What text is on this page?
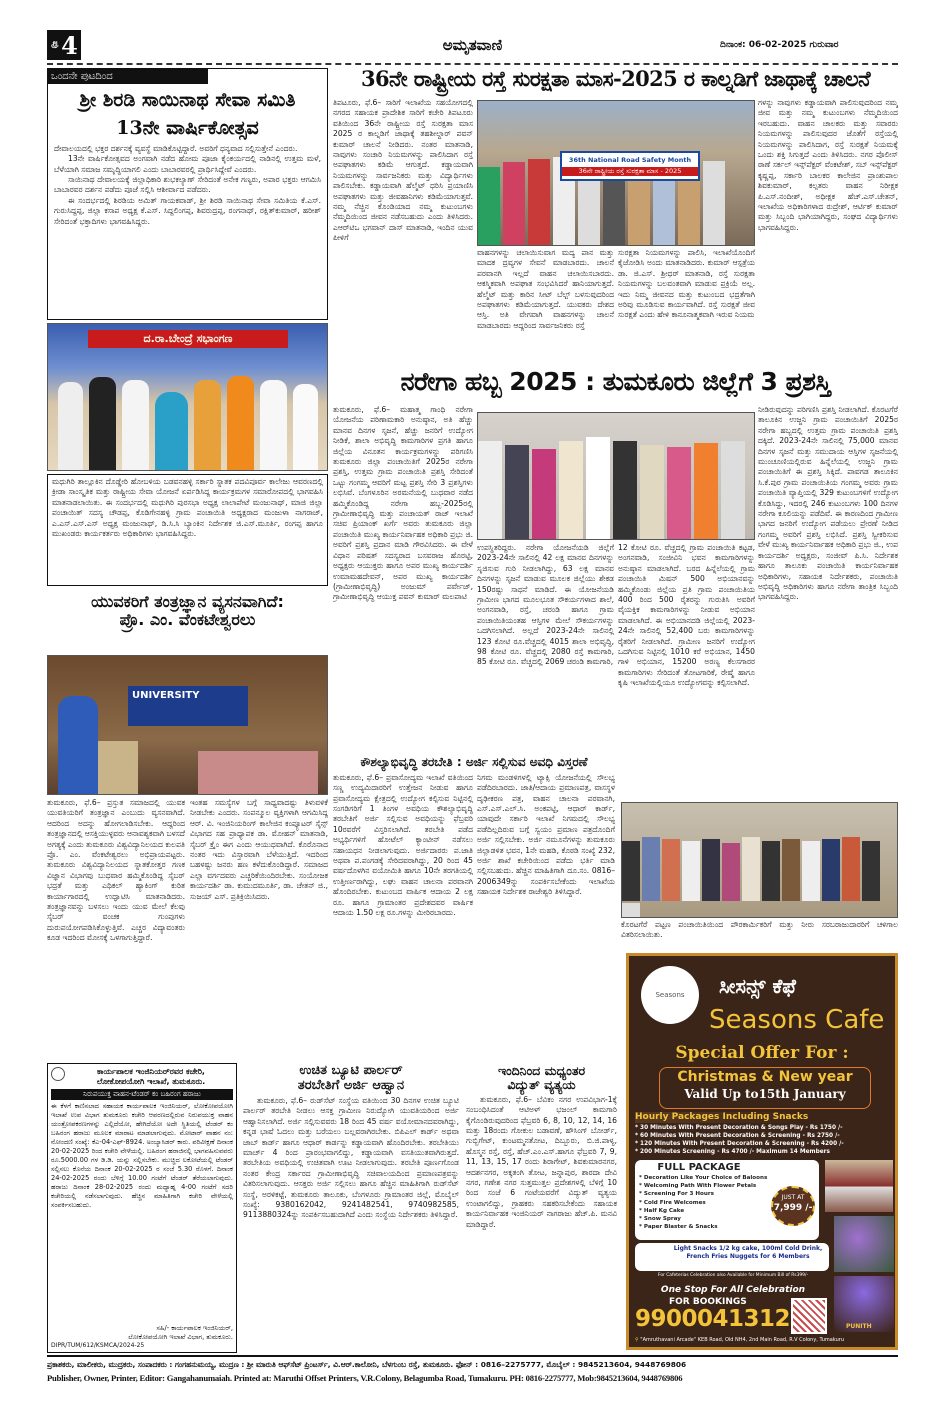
ಪು 4	ಅಮೃತವಾಣಿ	ದಿನಾಂಕ: 06-02-2025 ಗುರುವಾರ
ಒಂದನೇ ಪುಟದಿಂದ
ಶ್ರೀ ಶಿರಡಿ ಸಾಯಿನಾಥ ಸೇವಾ ಸಮಿತಿ
13ನೇ ವಾರ್ಷಿಕೋತ್ಸವ

ದೇವಾಲಯದಲ್ಲಿ ಭಕ್ತರ ದರ್ಶನಕ್ಕೆ ವ್ಯವಸ್ಥೆ ಮಾಡಿಕೊಟ್ಟಿದ್ದಾರೆ. ಅವರಿಗೆ ಧನ್ಯವಾದ ಸಲ್ಲಿಸುತ್ತೇನೆ ಎಂದರು.

13ನೇ ವಾರ್ಷಿಕೋತ್ಸವದ ಅಂಗವಾಗಿ ನಡೆದ ಹೋಮ ಪೂಜಾ ಕೈಂಕರ್ಯದಲ್ಲಿ ನಾಡಿನಲ್ಲಿ ಉತ್ತಮ ಮಳೆ, ಬೆಳೆಯಾಗಿ ಸಮಾಜ ಸಮೃದ್ಧಿಯಾಗಲಿ ಎಂದು ಬಾಬಾರವರಲ್ಲಿ ಪ್ರಾರ್ಥಿಸಿದ್ದೇವೆ ಎಂದರು.

ಸಾಯಿನಾಥ ದೇವಾಲಯಕ್ಕೆ ಜಿಲ್ಲಾಧಿಕಾರಿ ಶುಭಕಲ್ಯಾಣ್ ಸೇರಿದಂತೆ ಅನೇಕ ಗಣ್ಯರು, ಅಪಾರ ಭಕ್ತರು ಆಗಮಿಸಿ ಬಾಬಾರವರ ದರ್ಶನ ಪಡೆದು ಪೂಜೆ ಸಲ್ಲಿಸಿ ಆಶೀರ್ವಾದ ಪಡೆದರು.

ಈ ಸಂದರ್ಭದಲ್ಲಿ ಶಿರಡಿಯ ಅಮಿತ್ ಗಾಯಕವಾಡ್, ಶ್ರೀ ಶಿರಡಿ ಸಾಯಿನಾಥ ಸೇವಾ ಸಮಿತಿಯ ಕೆ.ಎಸ್. ಗುರುಸಿದ್ದಪ್ಪ, ಜಿಲ್ಲಾ ಕಸಾಪ ಅಧ್ಯಕ್ಷ ಕೆ.ಎಸ್. ಸಿದ್ದಲಿಂಗಪ್ಪ, ಶಿವರುದ್ರಪ್ಪ, ರಂಗನಾಥ್, ರಕ್ಷಿತ್‌ಕುಮಾರ್, ಹರೀಶ್ ಸೇರಿದಂತೆ ಭಕ್ತಾದಿಗಳು ಭಾಗವಹಿಸಿದ್ದರು.

ದ.ರಾ.ಬೇಂದ್ರೆ ಸಭಾಂಗಣ
ಮಧುಗಿರಿ ತಾಲ್ಲೂಕಿನ ದೊಡ್ಡೇರಿ ಹೋಬಳಿಯ ಬಡವನಹಳ್ಳಿ ಸರ್ಕಾರಿ ಸ್ನಾತಕ ಪದವಿಪೂರ್ವ ಕಾಲೇಜು ಆವರಣದಲ್ಲಿ ಕ್ರೀಡಾ ಸಾಂಸ್ಕೃತಿಕ ಮತ್ತು ರಾಷ್ಟ್ರೀಯ ಸೇವಾ ಯೋಜನೆ ಏರ್ಪಡಿಸಿದ್ದ ಕಾರ್ಯಕ್ರಮಗಳ ಸಮಾರೋಪದಲ್ಲಿ ಭಾಗವಹಿಸಿ ಮಾತನಾಡಲಾಯಿತು. ಈ ಸಂದರ್ಭದಲ್ಲಿ ಮಧುಗಿರಿ ಪುರಸಭಾ ಅಧ್ಯಕ್ಷ ಲಾಲಾಪೇಟೆ ಮಂಜುನಾಥ್, ಮಾಜಿ ಜಿಲ್ಲಾ ಪಂಚಾಯಿತ್ ಸದಸ್ಯ ಚೌಡಪ್ಪ, ಕೊಡಿಗೇನಹಳ್ಳಿ ಗ್ರಾಮ ಪಂಚಾಯಿತಿ ಅಧ್ಯಕ್ಷರಾದ ಮಂಜುಳಾ ನಾಗರಾಜ್, ಎ.ಎಸ್.ಎಸ್.ಎಸ್ ಅಧ್ಯಕ್ಷ ಮಂಜುನಾಥ್, ಡಿ.ಸಿ.ಸಿ ಬ್ಯಾಂಕಿನ ನಿರ್ದೇಶಕ ಜಿ.ಎಸ್.ಮೂರ್ತಿ, ರಂಗಪ್ಪ ಹಾಗೂ ಮುಖಂಡರು ಕಾರ್ಯಕರ್ತರು ಅಧಿಕಾರಿಗಳು ಭಾಗವಹಿಸಿದ್ದರು.
ಯುವಕರಿಗೆ ತಂತ್ರಜ್ಞಾನ ವ್ಯಸನವಾಗಿದೆ:
ಪ್ರೊ. ಎಂ. ವೆಂಕಟೇಶ್ವರಲು
UNIVERSITY
ತುಮಕೂರು, ಫೆ.6– ಪ್ರಸ್ತುತ ಸಮಾಜದಲ್ಲಿ ಯುವಕ ಯುವತಿಯರಿಗೆ ತಂತ್ರಜ್ಞಾನ ಎಂಬುದು ವ್ಯಸನವಾಗಿದೆ. ಆದರಿಂದ ಅದನ್ನು ಹೋಗಲಾಡಿಸಬೇಕು. ಆದ್ದರಿಂದ ತಂತ್ರಜ್ಞಾನದಲ್ಲಿ ಆಸಕ್ತಿಯುಳ್ಳವರು ಆನಾವಶ್ಯಕವಾಗಿ ಬಳಸದೆ ಅಗತ್ಯಕ್ಕೆ ಎಂದು ತುಮಕೂರು ವಿಶ್ವವಿದ್ಯಾನಿಲಯದ ಕುಲಪತಿ ಪ್ರೊ. ಎಂ. ವೆಂಕಟೇಶ್ವರಲು ಅಭಿಪ್ರಾಯಪಟ್ಟರು. ತುಮಕೂರು ವಿಶ್ವವಿದ್ಯಾನಿಲಯದ ಸ್ನಾತಕೋತ್ತರ ಗಣಕ ವಿಜ್ಞಾನ ವಿಭಾಗವು ಬುಧವಾರ ಹಮ್ಮಿಕೊಂಡಿದ್ದ ಸೈಬರ್ ಭದ್ರತೆ ಮತ್ತು ಎಥಿಕಲ್ ಹ್ಯಾಕಿಂಗ್ ಕುರಿತ ಕಾರ್ಯಾಗಾರದಲ್ಲಿ ಉದ್ಘಾಟಿಸಿ ಮಾತನಾಡಿದರು. ತಂತ್ರಜ್ಞಾನವನ್ನು ಬಳಸಲು ಇಂದು ಯುವ ಮೇಲೆ ಕೆಲವು ಸೈಬರ್ ವಂಚಕ ಗುಂಪುಗಳು ದುರುಪಯೋಗಪಡಿಸಿಕೊಳ್ಳುತ್ತಿವೆ. ಎಚ್ಚರ ವಿದ್ಯಾವಂತರು ಕೂಡ ಇದರಿಂದ ಮೋಸಕ್ಕೆ ಒಳಗಾಗುತ್ತಿದ್ದಾರೆ.
ಇಂತಹ ಸಮಸ್ಯೆಗಳ ಬಗ್ಗೆ ಸಾಧ್ಯವಾದಷ್ಟು ತಿಳುವಳಿಕೆ ನೀಡಬೇಕು ಎಂದರು. ಸಂಪನ್ಮೂಲ ವ್ಯಕ್ತಿಗಳಾಗಿ ಆಗಮಿಸಿದ್ದ ಆರ್. ವಿ. ಇಂಜಿನಿಯರಿಂಗ್ ಕಾಲೇಜಿನ ಕಂಪ್ಯೂಟರ್ ಸೈನ್ಸ್ ವಿಭಾಗದ ಸಹ ಪ್ರಾಧ್ಯಾಪಕ ಡಾ. ಮೋಹನ್ ಮಾತನಾಡಿ, ಸೈಬರ್ ಕ್ರೈಂ ಈಗ ಎಂದು ಆಯುಧವಾಗಿದೆ. ಕೊರೊನಾದ ನಂತರ ಇದು ವಿಸ್ತಾರವಾಗಿ ಬೆಳೆಯುತ್ತಿದೆ. ಇದರಿಂದ ಬಹಳಷ್ಟು ಜನರು ಹಣ ಕಳೆದುಕೊಂಡಿದ್ದಾರೆ. ಸಮಾಜದ ಎಲ್ಲಾ ವರ್ಗದವರು ಎಚ್ಚರಿಕೆಯಿಂದಿರಬೇಕು. ಸಂಯೋಜಕ ಕಾರ್ಯದರ್ಶಿ ಡಾ. ಕುಮುದಮೂರ್ತಿ, ಡಾ. ಚೇತನ್ ಜಿ., ಸುಜಯ್ ಎಸ್. ಪ್ರತಿಕ್ರಿಯಿಸಿದರು.
ಕಾರ್ಯಪಾಲಕ ಇಂಜಿನಿಯರ್‌ರವರ ಕಚೇರಿ,
ಲೋಕೋಪಯೋಗಿ ಇಲಾಖೆ, ತುಮಕೂರು.
ನಿರುಪಯುಕ್ತ ವಾಹನ-ಟೆಂಡರ್ ಕಂ ಬಹಿರಂಗ ಹರಾಜು
ಈ ಕೆಳಗೆ ಕಾಣಿಸಲಾದ ಸಹಾಯಕ ಕಾರ್ಯಪಾಲಕ ಇಂಜಿನಿಯರ್, ಲೋಕೋಪಯೋಗಿ ಇಲಾಖೆ ಉಪ ವಿಭಾಗ ತುಮಕೂರು ಕಚೇರಿ ಆವರಣದಲ್ಲಿರುವ ನಿರುಪಯುಕ್ತ ವಾಹನ ಯಂತ್ರೋಪಕರಣಗಳನ್ನು ಎಲ್ಲಿದೆಯೋ, ಹೇಗಿದೆಯೋ ಅದೇ ಸ್ಥಿತಿಯಲ್ಲಿ ಟೆಂಡರ್ ಕಂ ಬಹಿರಂಗ ಹರಾಜು ಮೂಲಕ ಮಾರಾಟ ಮಾಡಲಾಗುವುದು. ಮೋಟಾರ್ ವಾಹನ ನಂ: ನೋಂದಣಿ ಸಂಖ್ಯೆ: ಕೆಎ-04-ಎಫ್-8924. ಅಂಬ್ಯಾಸಿಡರ್ ಕಾರು. ಪರಿವೀಕ್ಷಣೆ ದಿನಾಂಕ 20-02-2025 ರಿಂದ ಕಚೇರಿ ವೇಳೆಯಲ್ಲಿ. ಬಹಿರಂಗ ಹರಾಜಿನಲ್ಲಿ ಭಾಗವಹಿಸುವವರು ರೂ.5000.00 ಗಳ ಡಿ.ಡಿ. ಯನ್ನು ಸಲ್ಲಿಸಬೇಕು. ಮುಚ್ಚಿದ ಲಕೋಟೆಯಲ್ಲಿ ಟೆಂಡರ್ ಸಲ್ಲಿಸಲು ಕೊನೆಯ ದಿನಾಂಕ 20-02-2025 ರ ಸಂಜೆ 5.30 ರೊಳಗೆ. ದಿನಾಂಕ 24-02-2025 ರಂದು ಬೆಳಿಗ್ಗೆ 10.00 ಗಂಟೆಗೆ ಟೆಂಡರ್ ತೆರೆಯಲಾಗುವುದು. ಹರಾಜು ದಿನಾಂಕ 28-02-2025 ರಂದು ಮಧ್ಯಾಹ್ನ 4-00 ಗಂಟೆಗೆ ಸದರಿ ಕಚೇರಿಯಲ್ಲಿ ನಡೆಸಲಾಗುವುದು. ಹೆಚ್ಚಿನ ಮಾಹಿತಿಗಾಗಿ ಕಚೇರಿ ವೇಳೆಯಲ್ಲಿ ಸಂಪರ್ಕಿಸಬಹುದು.
ಸಹಿ/- ಕಾರ್ಯಪಾಲಕ ಇಂಜಿನಿಯರ್,
ಲೋಕೋಪಯೋಗಿ ಇಲಾಖೆ ವಿಭಾಗ, ತುಮಕೂರು.
DIPR/TUM/612/KSMCA/2024-25
36ನೇ ರಾಷ್ಟ್ರೀಯ ರಸ್ತೆ ಸುರಕ್ಷತಾ ಮಾಸ-2025 ರ ಕಾಲ್ನಡಿಗೆ ಜಾಥಾಕ್ಕೆ ಚಾಲನೆ
ತಿಪಟೂರು, ಫೆ.6– ಸಾರಿಗೆ ಇಲಾಖೆಯ ಸಹಯೋಗದಲ್ಲಿ ನಗರದ ಸಹಾಯಕ ಪ್ರಾದೇಶಿಕ ಸಾರಿಗೆ ಕಚೇರಿ ತಿಪಟೂರು ವತಿಯಿಂದ 36ನೇ ರಾಷ್ಟ್ರೀಯ ರಸ್ತೆ ಸುರಕ್ಷತಾ ಮಾಸ 2025 ರ ಕಾಲ್ನಡಿಗೆ ಜಾಥಾಕ್ಕೆ ತಹಶೀಲ್ದಾರ್ ಪವನ್ ಕುಮಾರ್ ಚಾಲನೆ ನೀಡಿದರು. ನಂತರ ಮಾತನಾಡಿ, ನಾವುಗಳು ಸಂಚಾರಿ ನಿಯಮಗಳನ್ನು ಪಾಲಿಸಿದಾಗ ರಸ್ತೆ ಅಪಘಾತಗಳು ಕಡಿಮೆ ಆಗುತ್ತದೆ. ಕಡ್ಡಾಯವಾಗಿ ನಿಯಮಗಳನ್ನು ಸಾರ್ವಜನಿಕರು ಮತ್ತು ವಿದ್ಯಾರ್ಥಿಗಳು ಪಾಲಿಸಬೇಕು. ಕಡ್ಡಾಯವಾಗಿ ಹೆಲ್ಮೆಟ್ ಧರಿಸಿ ಪ್ರಯಾಣಿಸಿ ಅಪಘಾತಗಳು ಮತ್ತು ಜೀವಹಾನಿಗಳು ಕಡಿಮೆಯಾಗುತ್ತವೆ. ನಮ್ಮ ನೆಚ್ಚಿನ ಕೊಂಡಿಯಾದ ನಮ್ಮ ಕುಟುಂಬಗಳು ನೆಮ್ಮದಿಯಿಂದ ಜೀವನ ನಡೆಸಬಹುದು ಎಂದು ತಿಳಿಸಿದರು. ಎಆರ್‌ಟಿಒ ಭಗವಾನ್ ದಾಸ್ ಮಾತನಾಡಿ, ಇಂದಿನ ಯುವ ಪೀಳಿಗೆ
36th National Road Safety Month
36ನೇ ರಾಷ್ಟ್ರೀಯ ರಸ್ತೆ ಸುರಕ್ಷತಾ ಮಾಸ - 2025
ವಾಹನಗಳನ್ನು ಚಲಾಯಿಸುವಾಗ ಮದ್ಯ ಪಾನ ಮತ್ತು ಮಾದಕ ದ್ರವ್ಯಗಳ ಸೇವನೆ ಮಾಡಬಾರದು. ಚಾಲನೆ ಪರವಾನಗಿ ಇಲ್ಲದೆ ವಾಹನ ಚಲಾಯಿಸಬಾರದು. ಆಕಸ್ಮಿಕವಾಗಿ ಅಪಘಾತ ಸಂಭವಿಸಿದರೆ ಹಾನಿಯಾಗುತ್ತದೆ. ಹೆಲ್ಮೆಟ್ ಮತ್ತು ಕಾರಿನ ಸೀಟ್ ಬೆಲ್ಟ್ ಬಳಸುವುದರಿಂದ ಅಪಘಾತಗಳು ಕಡಿಮೆಯಾಗುತ್ತದೆ. ಯುವಕರು ದೇಶದ ಆಸ್ತಿ. ಅತಿ ವೇಗವಾಗಿ ವಾಹನಗಳನ್ನು ಚಾಲನೆ ಮಾಡಬಾರದು ಆದ್ದರಿಂದ ಸಾರ್ವಜನಿಕರು ರಸ್ತೆ
ಸುರಕ್ಷತಾ ನಿಯಮಗಳನ್ನು ಪಾಲಿಸಿ, ಇಲಾಖೆಯೊಂದಿಗೆ ಕೈಜೋಡಿಸಿ ಅಂದು ಮಾತನಾಡಿದರು. ಕುಮಾರ್ ಆಸ್ಪತ್ರೆಯ ಡಾ. ಜಿ.ಎಸ್. ಶ್ರೀಧರ್ ಮಾತನಾಡಿ, ರಸ್ತೆ ಸುರಕ್ಷತಾ ನಿಯಮಗಳನ್ನು ಬಲವಂತವಾಗಿ ಮಾಡುವ ಪ್ರಕ್ರಿಯೆ ಅಲ್ಲ. ಇದು ನಿಮ್ಮ ಜೀವನದ ಮತ್ತು ಕುಟುಂಬದ ಭದ್ರತೆಗಾಗಿ ಅರಿವು ಮೂಡಿಸುವ ಕಾರ್ಯವಾಗಿದೆ. ರಸ್ತೆ ಸುರಕ್ಷತೆ ಜೀವ ಸುರಕ್ಷತೆ ಎಂದು ಹೇಳಿ ಕಾನೂನಾತ್ಮಕವಾಗಿ ಇರುವ ನಿಯಮ
ಗಳನ್ನು ನಾವುಗಳು ಕಡ್ಡಾಯವಾಗಿ ಪಾಲಿಸುವುದರಿಂದ ನಮ್ಮ ಜೀವ ಮತ್ತು ನಮ್ಮ ಕುಟುಂಬಗಳು ನೆಮ್ಮದಿಯಿಂದ ಇರಬಹುದು. ವಾಹನ ಚಾಲಕರು ಮತ್ತು ಸವಾರರು ನಿಯಮಗಳನ್ನು ಪಾಲಿಸುವುದರ ಜೊತೆಗೆ ರಸ್ತೆಯಲ್ಲಿ ನಿಯಮಗಳನ್ನು ಪಾಲಿಸಿದಾಗ, ರಸ್ತೆ ಸುರಕ್ಷತೆ ನಿಯಮಕ್ಕೆ ಒಂದು ಶಕ್ತಿ ಸಿಗುತ್ತದೆ ಎಂದು ತಿಳಿಸಿದರು. ನಗರ ಪೊಲೀಸ್ ಠಾಣೆ ಸರ್ಕಲ್ ಇನ್ಸ್‌ಪೆಕ್ಟರ್ ವೆಂಕಟೇಶ್, ಸಬ್ ಇನ್ಸ್‌ಪೆಕ್ಟರ್ ಕೃಷ್ಣಪ್ಪ, ಸರ್ಕಾರಿ ಬಾಲಕರ ಕಾಲೇಜಿನ ಪ್ರಾಂಶುಪಾಲ ಶಿವಕುಮಾರ್, ಕಲ್ಪತರು ವಾಹನ ನಿರೀಕ್ಷಕ ಪಿ.ಎಸ್.ನಂದೀಶ್, ಅಧೀಕ್ಷಕ ಹೆಚ್.ಎಸ್.ಚೇತನ್, ಇಲಾಖೆಯ ಅಧಿಕಾರಿಗಳಾದ ರುದ್ರೇಶ್, ಆರ್ಟಿಕ್ ಕುಮಾರ್ ಮತ್ತು ಸಿಬ್ಬಂದಿ ಭಾಗಿಯಾಗಿದ್ದರು, ಸಂಘದ ವಿದ್ಯಾರ್ಥಿಗಳು ಭಾಗವಹಿಸಿದ್ದರು.
ನರೇಗಾ ಹಬ್ಬ 2025 : ತುಮಕೂರು ಜಿಲ್ಲೆಗೆ 3 ಪ್ರಶಸ್ತಿ
ತುಮಕೂರು, ಫೆ.6– ಮಹಾತ್ಮ ಗಾಂಧಿ ನರೇಗಾ ಯೋಜನೆಯ ಪರಿಣಾಮಕಾರಿ ಅನುಷ್ಠಾನ, ಅತಿ ಹೆಚ್ಚು ಮಾನವ ದಿನಗಳ ಸೃಜನೆ, ಹೆಚ್ಚು ಜನರಿಗೆ ಉದ್ಯೋಗ ನೀಡಿಕೆ, ಶಾಲಾ ಅಭಿವೃದ್ಧಿ ಕಾಮಗಾರಿಗಳ ಪ್ರಗತಿ ಹಾಗೂ ಜಿಲ್ಲೆಯ ವಿನೂತನ ಕಾರ್ಯಕ್ರಮಗಳನ್ನು ಪರಿಗಣಿಸಿ ತುಮಕೂರು ಜಿಲ್ಲಾ ಪಂಚಾಯಿತಿಗೆ 2025ರ ನರೇಗಾ ಪ್ರಶಸ್ತಿ, ಉತ್ತಮ ಗ್ರಾಮ ಪಂಚಾಯಿತಿ ಪ್ರಶಸ್ತಿ ಸೇರಿದಂತೆ ಒಟ್ಟು ಗಂಗಮ್ಮ ಆವರಿಗೆ ಮಟ್ಟ ಪ್ರಶಸ್ತಿ ಸೇರಿ 3 ಪ್ರಶಸ್ತಿಗಳು ಲಭಿಸಿವೆ. ಬೆಂಗಳೂರಿನ ಅರಮನೆಯಲ್ಲಿ ಬುಧವಾರ ನಡೆದ ಹಮ್ಮಿಕೊಂಡಿದ್ದ ನರೇಗಾ ಹಬ್ಬ-2025ರಲ್ಲಿ ಗ್ರಾಮೀಣಾಭಿವೃದ್ಧಿ ಮತ್ತು ಪಂಚಾಯತ್ ರಾಜ್ ಇಲಾಖೆ ಸಚಿವ ಪ್ರಿಯಾಂಕ್ ಖರ್ಗೆ ಅವರು ತುಮಕೂರು ಜಿಲ್ಲಾ ಪಂಚಾಯಿತಿ ಮುಖ್ಯ ಕಾರ್ಯನಿರ್ವಾಹಕ ಅಧಿಕಾರಿ ಪ್ರಭು ಜಿ. ಅವರಿಗೆ ಪ್ರಶಸ್ತಿ ಪ್ರದಾನ ಮಾಡಿ ಗೌರವಿಸಿದರು. ಈ ವೇಳೆ ವಿಧಾನ ಪರಿಷತ್ ಸದಸ್ಯರಾದ ಬಸವರಾಜ ಹೊರಟ್ಟಿ, ಅಧ್ಯಕ್ಷರು ಆಯುಕ್ತರು ಹಾಗೂ ಅಪರ ಮುಖ್ಯ ಕಾರ್ಯದರ್ಶಿ ಉಮಾಮಹದೇವನ್, ಅಪರ ಮುಖ್ಯ ಕಾರ್ಯದರ್ಶಿ (ಗ್ರಾಮೀಣಾಭಿವೃದ್ಧಿ) ಅಂಜುಮ್ ಪರ್ವೇಜ್, ಗ್ರಾಮೀಣಾಭಿವೃದ್ಧಿ ಆಯುಕ್ತ ಪವನ್ ಕುಮಾರ್ ಮಲಪಾಟಿ
ಉಪಸ್ಥಿತರಿದ್ದರು. ನರೇಗಾ ಯೋಜನೆಯಡಿ ಜಿಲ್ಲೆಗೆ 2023-24ನೇ ಸಾಲಿನಲ್ಲಿ 42 ಲಕ್ಷ ಮಾನವ ದಿನಗಳನ್ನು ಸೃಜಿಸುವ ಗುರಿ ನೀಡಲಾಗಿದ್ದು, 63 ಲಕ್ಷ ಮಾನವ ದಿನಗಳನ್ನು ಸೃಜನೆ ಮಾಡುವ ಮೂಲಕ ಜಿಲ್ಲೆಯು ಶೇಕಡ 150ರಷ್ಟು ಸಾಧನೆ ಮಾಡಿದೆ. ಈ ಯೋಜನೆಯಡಿ ಗ್ರಾಮೀಣ ಭಾಗದ ಮೂಲಭೂತ ಸೌಕರ್ಯಗಳಾದ ಶಾಲೆ, ಅಂಗನವಾಡಿ, ರಸ್ತೆ, ಚರಂಡಿ ಹಾಗೂ ಗ್ರಾಮ ಪಂಚಾಯಿತಿಯಂತಹ ಆಸ್ತಿಗಳ ಮೇಲೆ ಸೌಕರ್ಯಗಳನ್ನು ಒದಗಿಸಲಾಗಿದೆ. ಅಲ್ಲದೆ 2023-24ನೇ ಸಾಲಿನಲ್ಲಿ 123 ಕೋಟಿ ರೂ.ವೆಚ್ಚದಲ್ಲಿ 4015 ಶಾಲಾ ಅಭಿವೃದ್ಧಿ, 98 ಕೋಟಿ ರೂ. ವೆಚ್ಚದಲ್ಲಿ 2080 ರಸ್ತೆ ಕಾಮಗಾರಿ, 85 ಕೋಟಿ ರೂ. ವೆಚ್ಚದಲ್ಲಿ 2069 ಚರಂಡಿ ಕಾಮಗಾರಿ,
12 ಕೋಟಿ ರೂ. ವೆಚ್ಚದಲ್ಲಿ ಗ್ರಾಮ ಪಂಚಾಯಿತಿ ಕಟ್ಟಡ, ಅಂಗನವಾಡಿ, ಸಂಜೀವಿನಿ ಭವನ ಕಾಮಗಾರಿಗಳನ್ನು ಅನುಷ್ಠಾನ ಮಾಡಲಾಗಿದೆ. ಬರದ ಹಿನ್ನೆಲೆಯಲ್ಲಿ ಗ್ರಾಮ ಪಂಚಾಯಿತಿ ಮಿಷನ್ 500 ಅಭಿಯಾನವನ್ನು ಹಮ್ಮಿಕೊಂಡು ಜಿಲ್ಲೆಯ ಪ್ರತಿ ಗ್ರಾಮ ಪಂಚಾಯಿತಿಯ 400 ರಿಂದ 500 ರೈತರನ್ನು ಗುರುತಿಸಿ ಅವರಿಗೆ ವೈಯಕ್ತಿಕ ಕಾಮಗಾರಿಗಳನ್ನು ನೀಡುವ ಅಭಿಯಾನ ಮಾಡಲಾಗಿದೆ. ಈ ಅಭಿಯಾನದಡಿ ಜಿಲ್ಲೆಯಲ್ಲಿ 2023-24ನೇ ಸಾಲಿನಲ್ಲಿ 52,400 ಬರು ಕಾಮಗಾರಿಗಳನ್ನು ರೈತರಿಗೆ ನೀಡಲಾಗಿದೆ. ಗ್ರಾಮೀಣ ಜನರಿಗೆ ಉದ್ಯೋಗ ಒದಗಿಸುವ ನಿಟ್ಟಿನಲ್ಲಿ 1010 ಕರೆ ಅಭಿಯಾನ, 1450 ಗಾಳಿ ಅಭಿಯಾನ, 15200 ಅರಣ್ಯ ಕೆಲಸಗಾರರ ಕಾಮಗಾರಿಗಳು ಸೇರಿದಂತೆ ತೋಟಗಾರಿಕೆ, ರೇಷ್ಮೆ ಹಾಗೂ ಕೃಷಿ ಇಲಾಖೆಯಲ್ಲಿಯೂ ಉದ್ಯೋಗವನ್ನು ಕಲ್ಪಿಸಲಾಗಿದೆ.
ನೀಡಿರುವುದನ್ನು ಪರಿಗಣಿಸಿ ಪ್ರಶಸ್ತಿ ನೀಡಲಾಗಿದೆ. ಕೊರಟಗೆರೆ ತಾಲೂಕಿನ ಉಜ್ಜನಿ ಗ್ರಾಮ ಪಂಚಾಯಿತಿಗೆ 2025ರ ನರೇಗಾ ಹಬ್ಬದಲ್ಲಿ ಉತ್ತಮ ಗ್ರಾಮ ಪಂಚಾಯಿತಿ ಪ್ರಶಸ್ತಿ ದಕ್ಕಿದೆ. 2023-24ನೇ ಸಾಲಿನಲ್ಲಿ 75,000 ಮಾನವ ದಿನಗಳ ಸೃಜನೆ ಮತ್ತು ಸಮುದಾಯ ಆಸ್ತಿಗಳ ಸೃಜನೆಯಲ್ಲಿ ಮುಂಚೂಣಿಯಲ್ಲಿರುವ ಹಿನ್ನೆಲೆಯಲ್ಲಿ ಉಜ್ಜನಿ ಗ್ರಾಮ ಪಂಚಾಯಿತಿಗೆ ಈ ಪ್ರಶಸ್ತಿ ಸಿಕ್ಕಿದೆ. ಪಾವಗಡ ತಾಲೂಕಿನ ಸಿ.ಕೆ.ಪುರ ಗ್ರಾಮ ಪಂಚಾಯಿತಿಯ ಗಂಗಮ್ಮ ಅವರು ಗ್ರಾಮ ಪಂಚಾಯಿತಿ ವ್ಯಾಪ್ತಿಯಲ್ಲಿ 329 ಕುಟುಂಬಗಳಿಗೆ ಉದ್ಯೋಗ ಕೊಡಿಸಿದ್ದು, ಇದರಲ್ಲಿ 246 ಕುಟುಂಬಗಳು 100 ದಿನಗಳ ನರೇಗಾ ಕೂಲಿಯನ್ನು ಪಡೆದಿವೆ. ಈ ಕಾರಣದಿಂದ ಗ್ರಾಮೀಣ ಭಾಗದ ಜನರಿಗೆ ಉದ್ಯೋಗ ಪಡೆಯಲು ಪ್ರೇರಣೆ ನೀಡಿದ ಗಂಗಮ್ಮ ಅವರಿಗೆ ಪ್ರಶಸ್ತಿ ಲಭಿಸಿದೆ. ಪ್ರಶಸ್ತಿ ಸ್ವೀಕರಿಸುವ ವೇಳೆ ಮುಖ್ಯ ಕಾರ್ಯನಿರ್ವಾಹಕ ಅಧಿಕಾರಿ ಪ್ರಭು ಜಿ., ಉಪ ಕಾರ್ಯದರ್ಶಿ ಅಧ್ಯಕ್ಷರು, ಸಂಜೀವ್ ಪಿ.ಸಿ. ನಿರ್ದೇಶಕ ಹಾಗೂ ತಾಲೂಕು ಪಂಚಾಯಿತಿ ಕಾರ್ಯನಿರ್ವಾಹಕ ಅಧಿಕಾರಿಗಳು, ಸಹಾಯಕ ನಿರ್ದೇಶಕರು, ಪಂಚಾಯಿತಿ ಅಭಿವೃದ್ಧಿ ಅಧಿಕಾರಿಗಳು ಹಾಗೂ ನರೇಗಾ ತಾಂತ್ರಿಕ ಸಿಬ್ಬಂದಿ ಭಾಗವಹಿಸಿದ್ದರು.
ಕೌಶಲ್ಯಾಭಿವೃದ್ಧಿ ತರಬೇತಿ : ಅರ್ಜಿ ಸಲ್ಲಿಸುವ ಅವಧಿ ವಿಸ್ತರಣೆ
ತುಮಕೂರು, ಫೆ.6– ಪ್ರವಾಸೋದ್ಯಮ ಇಲಾಖೆ ವತಿಯಿಂದ ಸಣ್ಣ ಉದ್ಯಮಿದಾರರಿಗೆ ಉತ್ತೇಜನ ನೀಡುವ ಹಾಗೂ ಪ್ರವಾಸೋದ್ಯಮ ಕ್ಷೇತ್ರದಲ್ಲಿ ಉದ್ಯೋಗ ಕಲ್ಪಿಸುವ ನಿಟ್ಟಿನಲ್ಲಿ ಸಂಗಡಿಗರಿಗೆ 1 ತಿಂಗಳ ಅವಧಿಯ ಕೌಶಲ್ಯಾಭಿವೃದ್ಧಿ ತರಬೇತಿಗೆ ಅರ್ಜಿ ಸಲ್ಲಿಸುವ ಅವಧಿಯನ್ನು ಫೆಬ್ರವರಿ 10ರವರೆಗೆ ವಿಸ್ತರಿಸಲಾಗಿದೆ. ತರಬೇತಿ ಪಡೆದ ಅಭ್ಯರ್ಥಿಗಳಿಗೆ ಹೋಟೆಲ್ ಕ್ಯಾಂಟೀನ್ ನಡೆಸಲು ಸಹಾಯಧನ ನೀಡಲಾಗುವುದು. ಅರ್ಜಿದಾರರು ಪ.ಜಾತಿ ಅಥವಾ ಪ.ಪಂಗಡಕ್ಕೆ ಸೇರಿದವರಾಗಿದ್ದು, 20 ರಿಂದ 45 ವರ್ಷದೊಳಗಿನ ವಯೋಮಿತಿ ಹಾಗೂ 10ನೇ ತರಗತಿಯಲ್ಲಿ ಉತ್ತೀರ್ಣರಾಗಿದ್ದು, ಲಘು ವಾಹನ ಚಾಲನಾ ಪರವಾನಗಿ ಹೊಂದಿರಬೇಕು. ಕುಟುಂಬದ ವಾರ್ಷಿಕ ಆದಾಯ 2 ಲಕ್ಷ ರೂ. ಹಾಗೂ ಗ್ರಾಮಾಂತರ ಪ್ರದೇಶದವರ ವಾರ್ಷಿಕ ಆದಾಯ 1.50 ಲಕ್ಷ ರೂ.ಗಳನ್ನು ಮೀರಿರಬಾರದು.
ನಿಗಮ ಮಂಡಳಿಗಳಲ್ಲಿ ಟ್ಯಾಕ್ಸಿ ಯೋಜನೆಯಲ್ಲಿ ಸೌಲಭ್ಯ ಪಡೆದಿರಬಾರದು. ಜಾತಿ/ಆದಾಯ ಪ್ರಮಾಣಪತ್ರ, ವಾಸಸ್ಥಳ ದೃಢೀಕರಣ ಪತ್ರ, ವಾಹನ ಚಾಲನಾ ಪರವಾನಗಿ, ಎಸ್.ಎಸ್.ಎಲ್.ಸಿ. ಅಂಕಪಟ್ಟಿ, ಆಧಾರ್ ಕಾರ್ಡ್, ಯಾವುದೇ ಸರ್ಕಾರಿ ಇಲಾಖೆ ನಿಗಮದಲ್ಲಿ ಸೌಲಭ್ಯ ಪಡೆದಿಲ್ಲದಿರುವ ಬಗ್ಗೆ ಸ್ವಯಂ ಪ್ರಮಾಣ ಪತ್ರದೊಂದಿಗೆ ಅರ್ಜಿ ಸಲ್ಲಿಸಬೇಕು. ಅರ್ಜಿ ನಮೂನೆಗಳನ್ನು ತುಮಕೂರು ಜಿಲ್ಲಾಡಳಿತ ಭವನ, 1ನೇ ಮಹಡಿ, ಕೊಠಡಿ ಸಂಖ್ಯೆ 232, ಅರ್ಜಿ ಶಾಖೆ ಕಚೇರಿಯಿಂದ ಪಡೆದು ಭರ್ತಿ ಮಾಡಿ ಸಲ್ಲಿಸಬಹುದು. ಹೆಚ್ಚಿನ ಮಾಹಿತಿಗಾಗಿ ದೂ.ಸಂ. 0816–2006349ನ್ನು ಸಂಪರ್ಕಿಸಬೇಕೆಂದು ಇಲಾಖೆಯ ಸಹಾಯಕ ನಿರ್ದೇಶಕ ರಾಜೇಶ್ವರಿ ತಿಳಿಸಿದ್ದಾರೆ.
ಕೊರಟಗೆರೆ ಪಟ್ಟಣ ಪಂಚಾಯಿತಿಯಿಂದ ಪೌರಕಾರ್ಮಿಕರಿಗೆ ಮತ್ತು ನೀರು ಸರಬರಾಜುದಾರರಿಗೆ ಚಳಿಗಾಲ ವಿತರಿಸಲಾಯಿತು.
Seasons ಸೀಸನ್ಸ್ ಕೆಫೆ
Seasons Cafe
Special Offer For :
Christmas & New year
Valid Up to15th January
Hourly Packages Including Snacks
* 30 Minutes With Present Decoration & Songs Play - Rs 1750 /-
* 60 Minutes With Present Decoration & Screening - Rs 2750 /-
* 120 Minutes With Present Decoration & Screening - Rs 4200 /-
* 200 Minutes Screening - Rs 4700 /- Maximum 14 Members
FULL PACKAGE
* Decoration Like Your Choice of Baloons
* Welcoming Path With Flower Petals
* Screening For 3 Hours
* Cold Fire Welcomes
* Half Kg Cake
* Snow Spray
* Paper Blaster & Snacks
JUST AT
7,999 /-
PUNITH
Light Snacks 1/2 kg cake, 100ml Cold Drink, French Fries Nuggets for 6 Members
For Cafeterias Celebration also Available for Minimum Bill of Rs399/-
One Stop For All Celebration
FOR BOOKINGS
9900041312
⚲ "Amruthavani Arcade" KEB Road, Old NH4, 2nd Main Road, R.V Colony, Tumakuru
ಉಚಿತ ಬ್ಯೂಟಿ ಪಾರ್ಲರ್
ತರಬೇತಿಗೆ ಅರ್ಜಿ ಆಹ್ವಾನ
ತುಮಕೂರು, ಫೆ.6– ರುಡ್‌ಸೆಟ್ ಸಂಸ್ಥೆಯ ವತಿಯಿಂದ 30 ದಿನಗಳ ಉಚಿತ ಬ್ಯೂಟಿ ಪಾರ್ಲರ್ ತರಬೇತಿ ನೀಡಲು ಆಸಕ್ತ ಗ್ರಾಮೀಣ ನಿರುದ್ಯೋಗಿ ಯುವತಿಯರಿಂದ ಅರ್ಜಿ ಆಹ್ವಾನಿಸಲಾಗಿದೆ. ಅರ್ಜಿ ಸಲ್ಲಿಸುವವರು 18 ರಿಂದ 45 ವರ್ಷ ವಯೋಮಾನದವರಾಗಿದ್ದು, ಕನ್ನಡ ಭಾಷೆ ಓದಲು ಮತ್ತು ಬರೆಯಲು ಬಲ್ಲವರಾಗಿರಬೇಕು. ಬಿಪಿಎಲ್ ಕಾರ್ಡ್ ಅಥವಾ ಜಾಬ್ ಕಾರ್ಡ್ ಹಾಗೂ ಆಧಾರ್ ಕಾರ್ಡನ್ನು ಕಡ್ಡಾಯವಾಗಿ ಹೊಂದಿರಬೇಕು. ತರಬೇತಿಯು ಮಾರ್ಚ್ 4 ರಿಂದ ಪ್ರಾರಂಭವಾಗಲಿದ್ದು, ಕಡ್ಡಾಯವಾಗಿ ವಸತಿಯುತವಾಗಿರುತ್ತದೆ. ತರಬೇತಿಯ ಅವಧಿಯಲ್ಲಿ ಉಚಿತವಾಗಿ ಊಟ ನೀಡಲಾಗುವುದು. ತರಬೇತಿ ಪೂರ್ಣಗೊಂಡ ನಂತರ ಕೇಂದ್ರ ಸರ್ಕಾರದ ಗ್ರಾಮೀಣಾಭಿವೃದ್ಧಿ ಸಚಿವಾಲಯದಿಂದ ಪ್ರಮಾಣಪತ್ರವನ್ನು ವಿತರಿಸಲಾಗುವುದು. ಆಸಕ್ತರು ಅರ್ಜಿ ಸಲ್ಲಿಸಲು ಹಾಗೂ ಹೆಚ್ಚಿನ ಮಾಹಿತಿಗಾಗಿ ರುಡ್‌ಸೆಟ್ ಸಂಸ್ಥೆ, ಅರಳಿಕಟ್ಟೆ, ತುಮಕೂರು ತಾಲೂಕು, ಬೆಂಗಳೂರು ಗ್ರಾಮಾಂತರ ಜಿಲ್ಲೆ, ಮೊಬೈಲ್ ಸಂಖ್ಯೆ: 9380162042, 9241482541, 9740982585, 9113880324ನ್ನು ಸಂಪರ್ಕಿಸಬಹುದಾಗಿದೆ ಎಂದು ಸಂಸ್ಥೆಯ ನಿರ್ದೇಶಕರು ತಿಳಿಸಿದ್ದಾರೆ.
ಇಂದಿನಿಂದ ಮಧ್ಯಂತರ
ವಿದ್ಯುತ್ ವ್ಯತ್ಯಯ
ತುಮಕೂರು, ಫೆ.6– ಬೆವಿಕಂ ನಗರ ಉಪವಿಭಾಗ-1ಕ್ಕೆ ಸಂಬಂಧಿಸಿದಂತೆ ಆಟಿಅಳ್ ಭಜಂಲ್ ಕಾಮಗಾರಿ ಕೈಗೊಂಡಿರುವುದರಿಂದ ಫೆಬ್ರವರಿ 6, 8, 10, 12, 14, 16 ಮತ್ತು 18ರಂದು ಗೋಕುಲ ಬಡಾವಣೆ, ಹೌಸಿಂಗ್ ಬೋರ್ಡ್, ಗುಬ್ಬಿಗೇಟ್, ಕುಂಟಮ್ಮನತೋಟ, ದಿಬ್ಬೂರು, ಬಿ.ಜಿ.ಪಾಳ್ಯ, ಹೊಸ್ಮನ ರಸ್ತೆ, ರಸ್ತೆ, ಹೆಚ್.ಎಂ.ಎಸ್.ಹಾಗೂ ಫೆಬ್ರವರಿ 7, 9, 11, 13, 15, 17 ರಂದು ಶಿರಾಗೇಟ್, ಶಿವಕುಮಾರನಗರ, ಆದರ್ಶನಗರ, ಅಕ್ಕತಂಗಿ ತೋಟ, ಜನ್ನಾಪುರ, ಶಾರದಾ ದೇವಿ ನಗರ, ಗಣೇಶ ನಗರ ಸುತ್ತಮುತ್ತಲ ಪ್ರದೇಶಗಳಲ್ಲಿ ಬೆಳಿಗ್ಗೆ 10 ರಿಂದ ಸಂಜೆ 6 ಗಂಟೆಯವರೆಗೆ ವಿದ್ಯುತ್ ವ್ಯತ್ಯಯ ಉಂಟಾಗಲಿದ್ದು, ಗ್ರಾಹಕರು ಸಹಕರಿಸಬೇಕೆಂದು ಸಹಾಯಕ ಕಾರ್ಯನಿರ್ವಾಹಕ ಇಂಜಿನಿಯರ್ ನಾಗರಾಜು ಹೆಚ್.ಪಿ. ಮನವಿ ಮಾಡಿದ್ದಾರೆ.
ಪ್ರಕಾಶಕರು, ಮಾಲೀಕರು, ಮುದ್ರಕರು, ಸಂಪಾದಕರು : ಗಂಗಹನುಮಯ್ಯ, ಮುದ್ರಣ : ಶ್ರೀ ಮಾರುತಿ ಆಫ್‌ಸೆಟ್ ಪ್ರಿಂಟರ್ಸ್, ವಿ.ಆರ್.ಕಾಲೋನಿ, ಬೆಳಗುಂಬ ರಸ್ತೆ, ತುಮಕೂರು. ಫೋನ್ : 0816–2275777, ಮೊಬೈಲ್ : 9845213604, 9448769806
Publisher, Owner, Printer, Editor: Gangahanumaiah. Printed at: Maruthi Offset Printers, V.R.Colony, Belagumba Road, Tumakuru. PH: 0816-2275777, Mob:9845213604, 9448769806
